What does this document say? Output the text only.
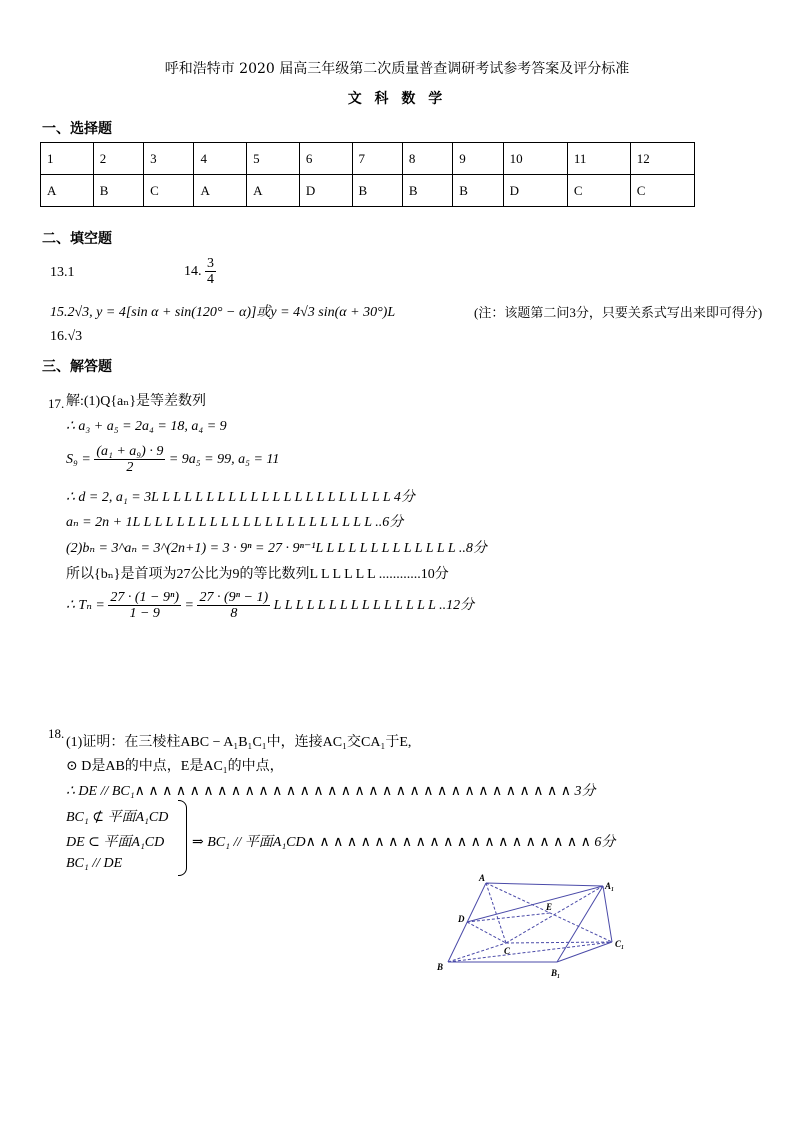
呼和浩特市 2020 届高三年级第二次质量普查调研考试参考答案及评分标准
文 科 数 学
一、选择题
1	2	3	4	5	6	7	8	9	10	11	12
A	B	C	A	A	D	B	B	B	D	C	C
二、填空题
13.1	14. $\frac{3}{4}$
15.2√3, y = 4[sin α + sin(120° − α)]或y = 4√3 sin(α + 30°)L	(注：该题第二问3分，只要关系式写出来即可得分)
16.√3
三、解答题
17. 解:(1)Q{aₙ}是等差数列
∴ a₃ + a₅ = 2a₄ = 18, a₄ = 9
$S_9 = \frac{\text{(a₁ + a₉) · 9}}{2} = 9a_5 = 99$, a₅ = 11
∴ d = 2, a₁ = 3L L L L L L L L L L L L L L L L L L L L L L 4分
aₙ = 2n + 1L L L L L L L L L L L L L L L L L L L L L L ..6分
(2)bₙ = 3^aₙ = 3^(2n+1) = 3 · 9ⁿ = 27 · 9ⁿ⁻¹L L L L L L L L L L L L L ..8分
所以{bₙ}是首项为27公比为9的等比数列L L L L L L ............10分
∴ $T_n = \frac{\text{27 · (1 − 9ⁿ)}}{1 - 9} = \frac{\text{27 · (9ⁿ − 1)}}{8}$ L L L L L L L L L L L L L L L ..12分
18.
(1)证明：在三棱柱ABC − A₁B₁C₁中，连接AC₁交CA₁于E,
⊙ D是AB的中点，E是AC₁的中点，
∴ DE // BC₁∧ ∧ ∧ ∧ ∧ ∧ ∧ ∧ ∧ ∧ ∧ ∧ ∧ ∧ ∧ ∧ ∧ ∧ ∧ ∧ ∧ ∧ ∧ ∧ ∧ ∧ ∧ ∧ ∧ ∧ ∧ ∧ 3分
BC₁ ⊄ 平面A₁CD
DE ⊂ 平面A₁CD
BC₁ // DE
⇒ BC₁ // 平面A₁CD∧ ∧ ∧ ∧ ∧ ∧ ∧ ∧ ∧ ∧ ∧ ∧ ∧ ∧ ∧ ∧ ∧ ∧ ∧ ∧ ∧ 6分
A
A₁
D
E
C
C₁
B
B₁
